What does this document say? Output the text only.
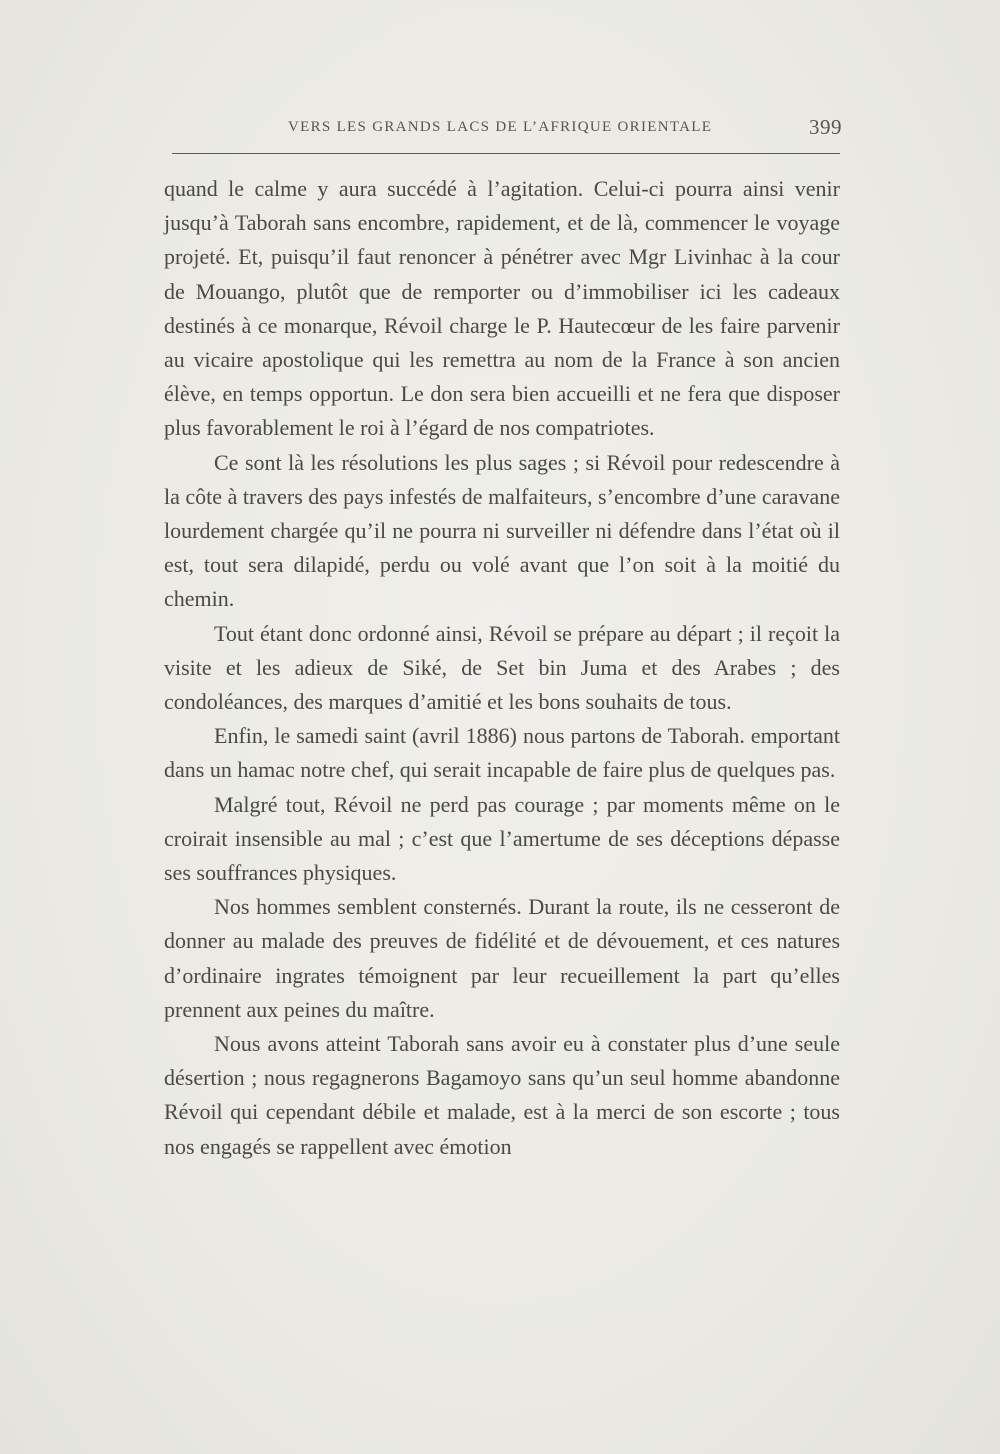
VERS LES GRANDS LACS DE L’AFRIQUE ORIENTALE	399

quand le calme y aura succédé à l’agitation. Celui-ci pourra ainsi venir jusqu’à Taborah sans encombre, rapidement, et de là, commencer le voyage projeté. Et, puisqu’il faut renoncer à pénétrer avec Mgr Livinhac à la cour de Mouango, plutôt que de remporter ou d’immobiliser ici les cadeaux destinés à ce monarque, Révoil charge le P. Hautecœur de les faire parvenir au vicaire apostolique qui les remettra au nom de la France à son ancien élève, en temps opportun. Le don sera bien accueilli et ne fera que disposer plus favorablement le roi à l’égard de nos compatriotes.

Ce sont là les résolutions les plus sages ; si Révoil pour redescendre à la côte à travers des pays infestés de malfaiteurs, s’encombre d’une caravane lourdement chargée qu’il ne pourra ni surveiller ni défendre dans l’état où il est, tout sera dilapidé, perdu ou volé avant que l’on soit à la moitié du chemin.

Tout étant donc ordonné ainsi, Révoil se prépare au départ ; il reçoit la visite et les adieux de Siké, de Set bin Juma et des Arabes ; des condoléances, des marques d’amitié et les bons souhaits de tous.

Enfin, le samedi saint (avril 1886) nous partons de Taborah. emportant dans un hamac notre chef, qui serait incapable de faire plus de quelques pas.

Malgré tout, Révoil ne perd pas courage ; par moments même on le croirait insensible au mal ; c’est que l’amertume de ses déceptions dépasse ses souffrances physiques.

Nos hommes semblent consternés. Durant la route, ils ne cesseront de donner au malade des preuves de fidélité et de dévouement, et ces natures d’ordinaire ingrates témoignent par leur recueillement la part qu’elles prennent aux peines du maître.

Nous avons atteint Taborah sans avoir eu à constater plus d’une seule désertion ; nous regagnerons Bagamoyo sans qu’un seul homme abandonne Révoil qui cependant débile et malade, est à la merci de son escorte ; tous nos engagés se rappellent avec émotion
